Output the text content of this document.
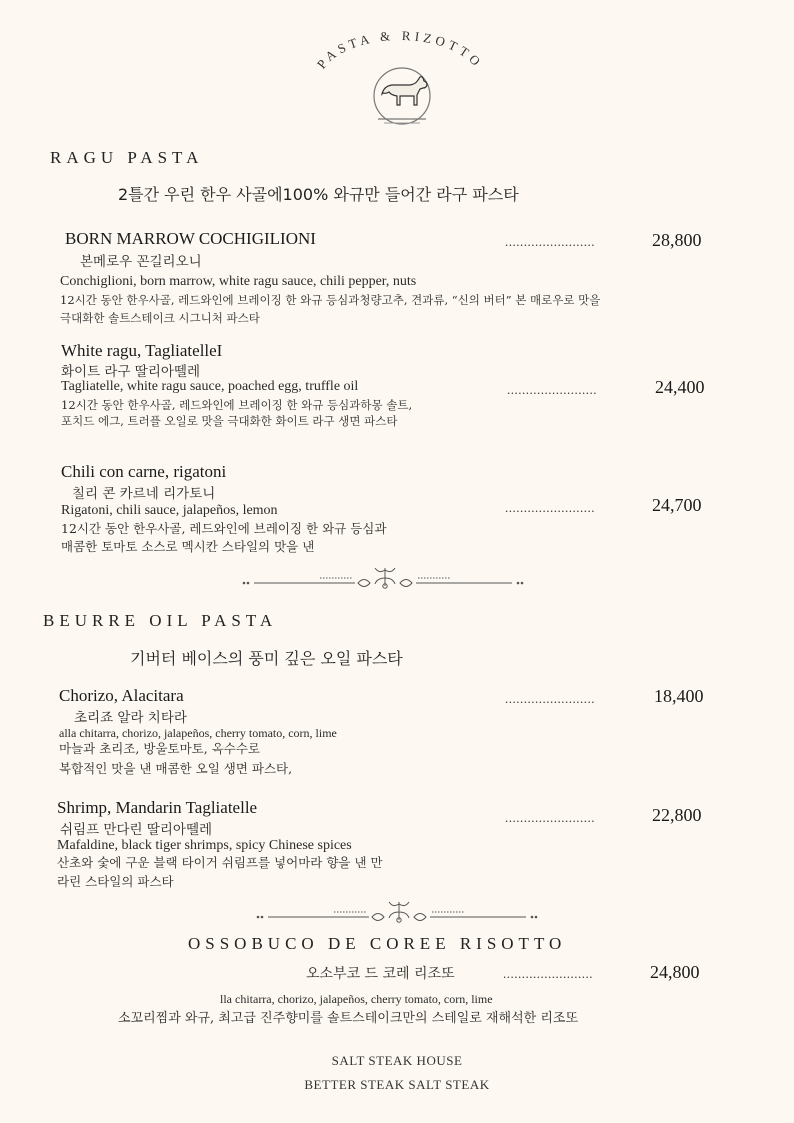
PASTA & RIZOTTO
RAGU PASTA
2틀간 우린 한우 사골에100% 와규만 들어간 라구 파스타
BORN MARROW COCHIGILIONI
본메로우 꼰길리오니
........................	28,800
Conchiglioni, born marrow, white ragu sauce, chili pepper, nuts
12시간 동안 한우사골, 레드와인에 브레이징 한 와규 등심과청량고추, 견과류, “신의 버터” 본 매로우로 맛을
극대화한 솔트스테이크 시그니처 파스타
White ragu, TagliatelleI
화이트 라구 딸리아뗄레
........................	24,400
Tagliatelle, white ragu sauce, poached egg, truffle oil
12시간 동안 한우사골, 레드와인에 브레이징 한 와규 등심과하몽 솔트,
포치드 에그, 트러플 오일로 맛을 극대화한 화이트 라구 생면 파스타
Chili con carne, rigatoni
칠리 콘 카르네 리가토니
........................	24,700
Rigatoni, chili sauce, jalapeños, lemon
12시간 동안 한우사골, 레드와인에 브레이징 한 와규 등심과
매콤한 토마토 소스로 멕시칸 스타일의 맛을 낸
BEURRE OIL PASTA
기버터 베이스의 풍미 깊은 오일 파스타
Chorizo, Alacitara
초리죠 알라 치타라
........................	18,400
alla chitarra, chorizo, jalapeños, cherry tomato, corn, lime
마늘과 초리조, 방울토마토, 옥수수로
복합적인 맛을 낸 매콤한 오일 생면 파스타,
Shrimp, Mandarin Tagliatelle
쉬림프 만다린 딸리아뗄레
........................	22,800
Mafaldine, black tiger shrimps, spicy Chinese spices
산초와 숯에 구운 블랙 타이거 쉬림프를 넣어마라 향을 낸 만
라린 스타일의 파스타
OSSOBUCO DE COREE RISOTTO
오소부코 드 코레 리조또	........................	24,800
lla chitarra, chorizo, jalapeños, cherry tomato, corn, lime
소꼬리찜과 와규, 최고급 진주향미를 솔트스테이크만의 스테일로 재해석한 리조또
SALT STEAK HOUSE
BETTER STEAK SALT STEAK
